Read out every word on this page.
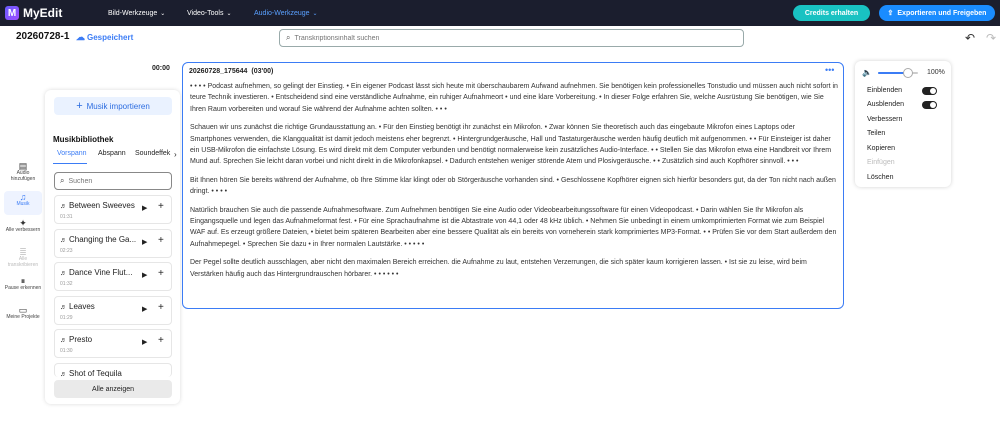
M MyEdit	Bild-Werkzeuge ⌄	Video-Tools ⌄	Audio-Werkzeuge ⌄	Credits erhalten	⇪ Exportieren und Freigeben
20260728-1 ☁ Gespeichert	⌕
Transkriptionsinhalt suchen	↶ ↷
00:00
▤
Audio hinzufügen
♫
Musik
✦
Alle verbessern
≣
Alle transkribieren
⏸
Pause erkennen
▭
Meine Projekte
+ Musik importieren
Musikbibliothek
Vorspann Abspann Soundeffek ›
⌕
Suchen
♬ Between Sweeves
01:31
▶ +
♬ Changing the Ga...
02:23
▶ +
♬ Dance Vine Flut...
01:32
▶ +
♬ Leaves
01:29
▶ +
♬ Presto
01:30
▶ +
♬ Shot of Tequila
Alle anzeigen
20260728_175644 (03'00)	•••

• • • • Podcast aufnehmen, so gelingt der Einstieg. • Ein eigener Podcast lässt sich heute mit überschaubarem Aufwand aufnehmen. Sie benötigen kein professionelles Tonstudio und müssen auch nicht sofort in teure Technik investieren. • Entscheidend sind eine verständliche Aufnahme, ein ruhiger Aufnahmeort • und eine klare Vorbereitung. • In dieser Folge erfahren Sie, welche Ausrüstung Sie benötigen, wie Sie Ihren Raum vorbereiten und worauf Sie während der Aufnahme achten sollten. • • •

Schauen wir uns zunächst die richtige Grundausstattung an. • Für den Einstieg benötigt ihr zunächst ein Mikrofon. • Zwar können Sie theoretisch auch das eingebaute Mikrofon eines Laptops oder Smartphones verwenden, die Klangqualität ist damit jedoch meistens eher begrenzt. • Hintergrundgeräusche, Hall und Tastaturgeräusche werden häufig deutlich mit aufgenommen. • • Für Einsteiger ist daher ein USB-Mikrofon die einfachste Lösung. Es wird direkt mit dem Computer verbunden und benötigt normalerweise kein zusätzliches Audio-Interface. • • Stellen Sie das Mikrofon etwa eine Handbreit vor Ihrem Mund auf. Sprechen Sie leicht daran vorbei und nicht direkt in die Mikrofonkapsel. • Dadurch entstehen weniger störende Atem und Plosivgeräusche. • • Zusätzlich sind auch Kopfhörer sinnvoll. • • •

Bit Ihnen hören Sie bereits während der Aufnahme, ob Ihre Stimme klar klingt oder ob Störgeräusche vorhanden sind. • Geschlossene Kopfhörer eignen sich hierfür besonders gut, da der Ton nicht nach außen dringt. • • • •

Natürlich brauchen Sie auch die passende Aufnahmesoftware. Zum Aufnehmen benötigen Sie eine Audio oder Videobearbeitungssoftware für einen Videopodcast. • Darin wählen Sie Ihr Mikrofon als Eingangsquelle und legen das Aufnahmeformat fest. • Für eine Sprachaufnahme ist die Abtastrate von 44,1 oder 48 kHz üblich. • Nehmen Sie unbedingt in einem umkomprimierten Format wie zum Beispiel WAF auf. Es erzeugt größere Dateien, • bietet beim späteren Bearbeiten aber eine bessere Qualität als ein bereits von vorneherein stark komprimiertes MP3-Format. • • Prüfen Sie vor dem Start außerdem den Aufnahmepegel. • Sprechen Sie dazu • in Ihrer normalen Lautstärke. • • • • •

Der Pegel sollte deutlich ausschlagen, aber nicht den maximalen Bereich erreichen. die Aufnahme zu laut, entstehen Verzerrungen, die sich später kaum korrigieren lassen. • Ist sie zu leise, wird beim Verstärken häufig auch das Hintergrundrauschen hörbarer. • • • • • •

🔈	100%
Einblenden
Ausblenden
Verbessern
Teilen
Kopieren
Einfügen
Löschen
